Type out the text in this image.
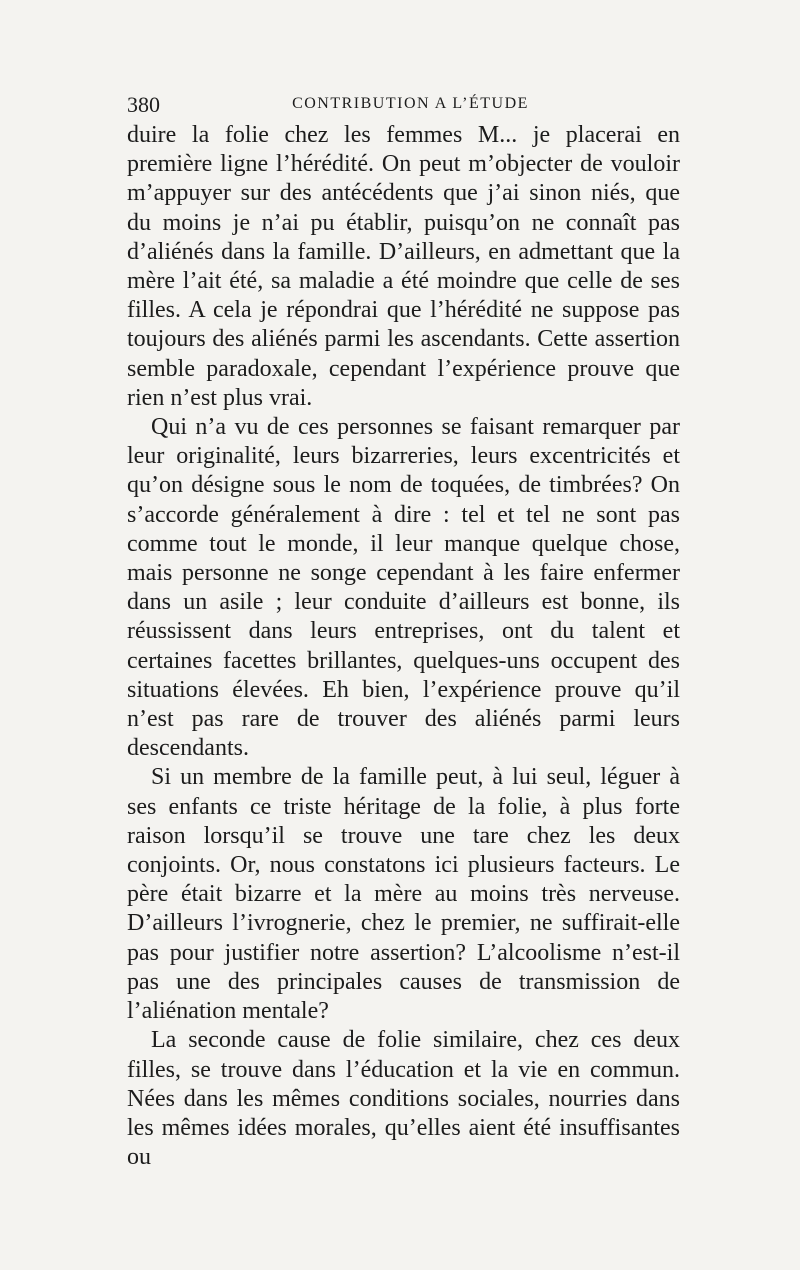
380	CONTRIBUTION A L’ÉTUDE

duire la folie chez les femmes M... je placerai en première ligne l’hérédité. On peut m’objecter de vouloir m’appuyer sur des antécédents que j’ai sinon niés, que du moins je n’ai pu établir, puisqu’on ne connaît pas d’aliénés dans la famille. D’ailleurs, en admettant que la mère l’ait été, sa maladie a été moindre que celle de ses filles. A cela je répondrai que l’hérédité ne suppose pas toujours des aliénés parmi les ascendants. Cette assertion semble paradoxale, cependant l’expérience prouve que rien n’est plus vrai.

Qui n’a vu de ces personnes se faisant remarquer par leur originalité, leurs bizarreries, leurs excentricités et qu’on désigne sous le nom de toquées, de timbrées? On s’accorde généralement à dire : tel et tel ne sont pas comme tout le monde, il leur manque quelque chose, mais personne ne songe cependant à les faire enfermer dans un asile ; leur conduite d’ailleurs est bonne, ils réussissent dans leurs entreprises, ont du talent et certaines facettes brillantes, quelques-uns occupent des situations élevées. Eh bien, l’expérience prouve qu’il n’est pas rare de trouver des aliénés parmi leurs descendants.

Si un membre de la famille peut, à lui seul, léguer à ses enfants ce triste héritage de la folie, à plus forte raison lorsqu’il se trouve une tare chez les deux conjoints. Or, nous constatons ici plusieurs facteurs. Le père était bizarre et la mère au moins très nerveuse. D’ailleurs l’ivrognerie, chez le premier, ne suffirait-elle pas pour justifier notre assertion? L’alcoolisme n’est-il pas une des principales causes de transmission de l’aliénation mentale?

La seconde cause de folie similaire, chez ces deux filles, se trouve dans l’éducation et la vie en commun. Nées dans les mêmes conditions sociales, nourries dans les mêmes idées morales, qu’elles aient été insuffisantes ou
